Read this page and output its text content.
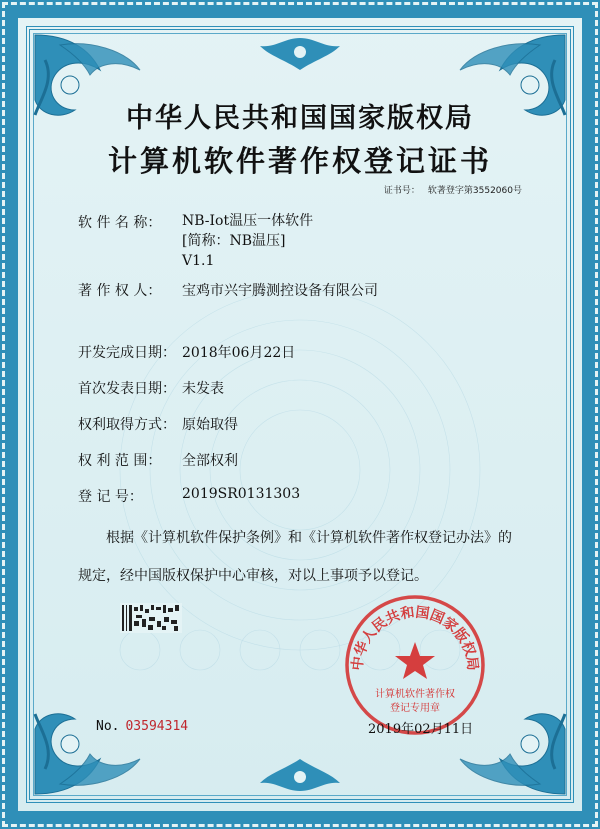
中华人民共和国国家版权局
计算机软件著作权登记证书
证书号： 软著登字第3552060号
软 件 名 称：	NB-Iot温压一体软件
[简称：NB温压]
V1.1
著 作 权 人： 宝鸡市兴宇腾测控设备有限公司
开发完成日期： 2018年06月22日
首次发表日期： 未发表
权利取得方式： 原始取得
权 利 范 围： 全部权利
登 记 号：	2019SR0131303
根据《计算机软件保护条例》和《计算机软件著作权登记办法》的
规定，经中国版权保护中心审核，对以上事项予以登记。
No. 03594314
中华人民共和国国家版权局
计算机软件著作权
登记专用章
2019年02月11日
